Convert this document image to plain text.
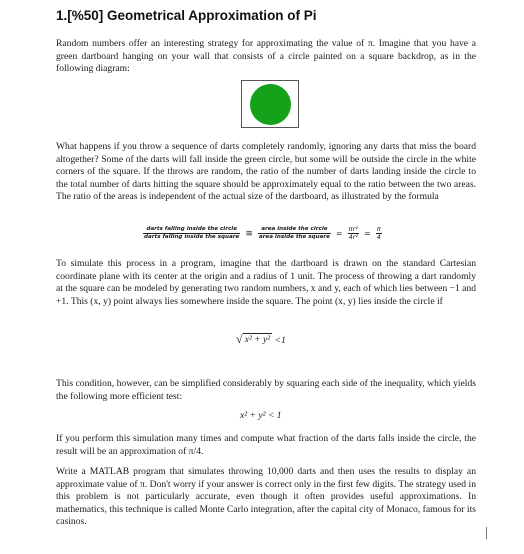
1.[%50] Geometrical Approximation of Pi

Random numbers offer an interesting strategy for approximating the value of π. Imagine that you have a green dartboard hanging on your wall that consists of a circle painted on a square backdrop, as in the following diagram:

What happens if you throw a sequence of darts completely randomly, ignoring any darts that miss the board altogether? Some of the darts will fall inside the green circle, but some will be outside the circle in the white corners of the square. If the throws are random, the ratio of the number of darts landing inside the circle to the total number of darts hitting the square should be approximately equal to the ratio between the two areas. The ratio of the areas is independent of the actual size of the dartboard, as illustrated by the formula

$\frac{\text{darts falling inside the circle}}{\text{darts falling inside the square}}$ ≅ $\frac{\text{area inside the circle}}{\text{area inside the square}} = \frac{\text{πr²}}{\text{4r²}} = \frac{\pi}{4}$

To simulate this process in a program, imagine that the dartboard is drawn on the standard Cartesian coordinate plane with its center at the origin and a radius of 1 unit. The process of throwing a dart randomly at the square can be modeled by generating two random numbers, x and y, each of which lies between −1 and +1. This (x, y) point always lies somewhere inside the square. The point (x, y) lies inside the circle if

√ x² + y² <1

This condition, however, can be simplified considerably by squaring each side of the inequality, which yields the following more efficient test:

x² + y² < 1

If you perform this simulation many times and compute what fraction of the darts falls inside the circle, the result will be an approximation of π/4.

Write a MATLAB program that simulates throwing 10,000 darts and then uses the results to display an approximate value of π. Don't worry if your answer is correct only in the first few digits. The strategy used in this problem is not particularly accurate, even though it often provides useful approximations. In mathematics, this technique is called Monte Carlo integration, after the capital city of Monaco, famous for its casinos.
